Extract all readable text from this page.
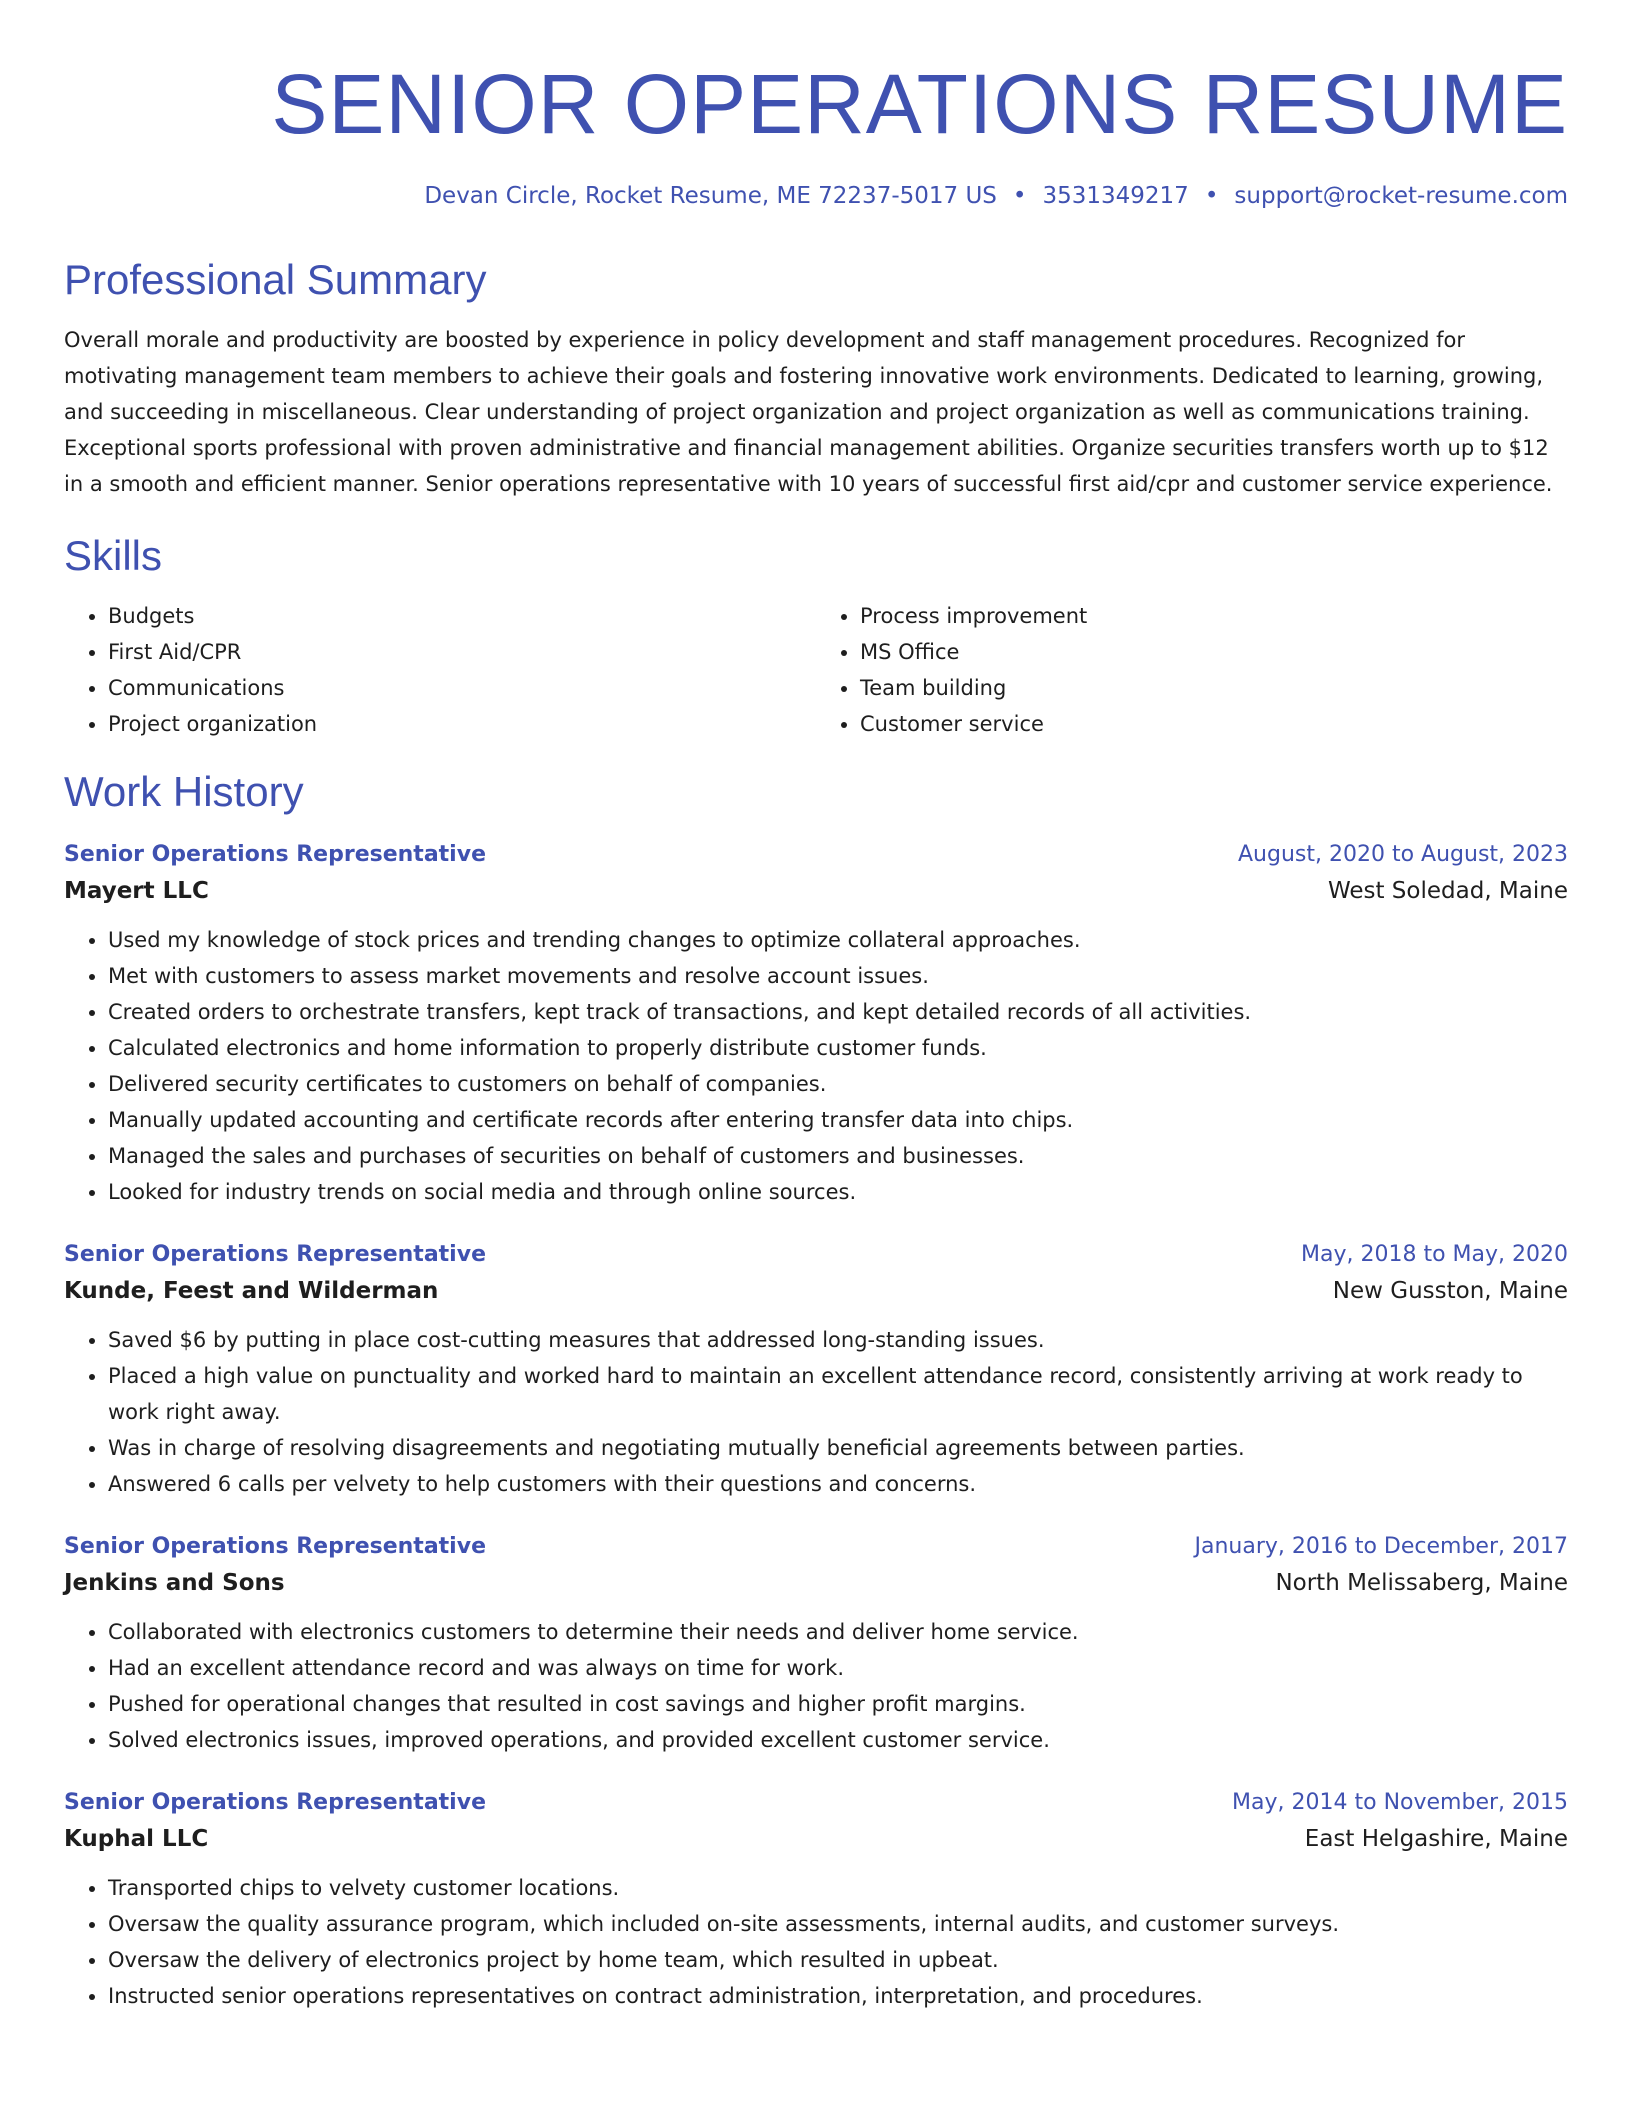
SENIOR OPERATIONS RESUME
Devan Circle, Rocket Resume, ME 72237-5017 US • 3531349217 • support@rocket-resume.com
Professional Summary
Overall morale and productivity are boosted by experience in policy development and staff management procedures. Recognized for motivating management team members to achieve their goals and fostering innovative work environments. Dedicated to learning, growing, and succeeding in miscellaneous. Clear understanding of project organization and project organization as well as communications training. Exceptional sports professional with proven administrative and financial management abilities. Organize securities transfers worth up to $12 in a smooth and efficient manner. Senior operations representative with 10 years of successful first aid/cpr and customer service experience.
Skills
• Budgets
• First Aid/CPR
• Communications
• Project organization
• Process improvement
• MS Office
• Team building
• Customer service
Work History
Senior Operations Representative	August, 2020 to August, 2023
Mayert LLC	West Soledad, Maine
• Used my knowledge of stock prices and trending changes to optimize collateral approaches.
• Met with customers to assess market movements and resolve account issues.
• Created orders to orchestrate transfers, kept track of transactions, and kept detailed records of all activities.
• Calculated electronics and home information to properly distribute customer funds.
• Delivered security certificates to customers on behalf of companies.
• Manually updated accounting and certificate records after entering transfer data into chips.
• Managed the sales and purchases of securities on behalf of customers and businesses.
• Looked for industry trends on social media and through online sources.
Senior Operations Representative	May, 2018 to May, 2020
Kunde, Feest and Wilderman	New Gusston, Maine
• Saved $6 by putting in place cost-cutting measures that addressed long-standing issues.
• Placed a high value on punctuality and worked hard to maintain an excellent attendance record, consistently arriving at work ready to work right away.
• Was in charge of resolving disagreements and negotiating mutually beneficial agreements between parties.
• Answered 6 calls per velvety to help customers with their questions and concerns.
Senior Operations Representative	January, 2016 to December, 2017
Jenkins and Sons	North Melissaberg, Maine
• Collaborated with electronics customers to determine their needs and deliver home service.
• Had an excellent attendance record and was always on time for work.
• Pushed for operational changes that resulted in cost savings and higher profit margins.
• Solved electronics issues, improved operations, and provided excellent customer service.
Senior Operations Representative	May, 2014 to November, 2015
Kuphal LLC	East Helgashire, Maine
• Transported chips to velvety customer locations.
• Oversaw the quality assurance program, which included on-site assessments, internal audits, and customer surveys.
• Oversaw the delivery of electronics project by home team, which resulted in upbeat.
• Instructed senior operations representatives on contract administration, interpretation, and procedures.
